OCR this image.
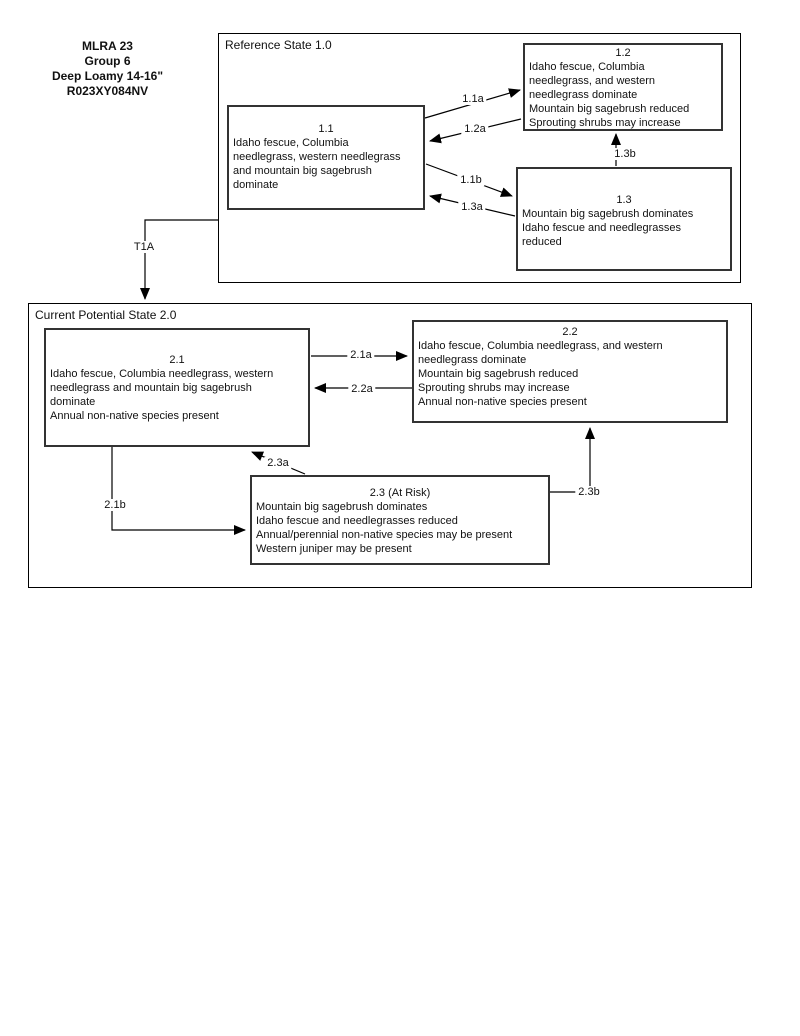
MLRA 23
Group 6
Deep Loamy 14-16"
R023XY084NV
Reference State 1.0
1.1
Idaho fescue, Columbia
needlegrass, western needlegrass
and mountain big sagebrush
dominate
1.2
Idaho fescue, Columbia
needlegrass, and western
needlegrass dominate
Mountain big sagebrush reduced
Sprouting shrubs may increase
1.3
Mountain big sagebrush dominates
Idaho fescue and needlegrasses
reduced
Current Potential State 2.0
2.1
Idaho fescue, Columbia needlegrass, western
needlegrass and mountain big sagebrush
dominate
Annual non-native species present
2.2
Idaho fescue, Columbia needlegrass, and western
needlegrass dominate
Mountain big sagebrush reduced
Sprouting shrubs may increase
Annual non-native species present
2.3 (At Risk)
Mountain big sagebrush dominates
Idaho fescue and needlegrasses reduced
Annual/perennial non-native species may be present
Western juniper may be present
1.1a
1.2a
1.1b
1.3a
1.3b
T1A
2.1a
2.2a
2.3a
2.1b
2.3b
